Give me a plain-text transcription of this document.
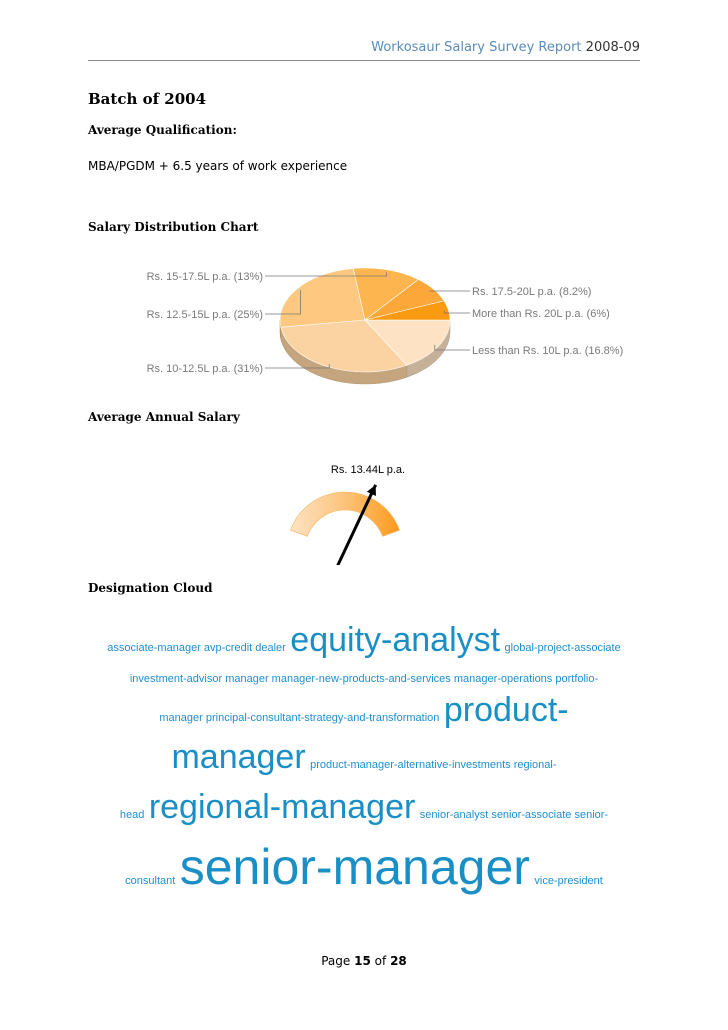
Workosaur Salary Survey Report 2008-09
Batch of 2004
Average Qualification:
MBA/PGDM + 6.5 years of work experience
Salary Distribution Chart
Less than Rs. 10L p.a. (16.8%)
Rs. 10-12.5L p.a. (31%)
Rs. 12.5-15L p.a. (25%)
Rs. 15-17.5L p.a. (13%)
Rs. 17.5-20L p.a. (8.2%)
More than Rs. 20L p.a. (6%)
Average Annual Salary
Rs. 13.44L p.a.
Designation Cloud
associate-manager avp-credit dealer equity-analyst global-project-associate
investment-advisor manager manager-new-products-and-services manager-operations portfolio-
manager principal-consultant-strategy-and-transformation product-
manager product-manager-alternative-investments regional-
head regional-manager senior-analyst senior-associate senior-
consultant senior-manager vice-president
Page 15 of 28
